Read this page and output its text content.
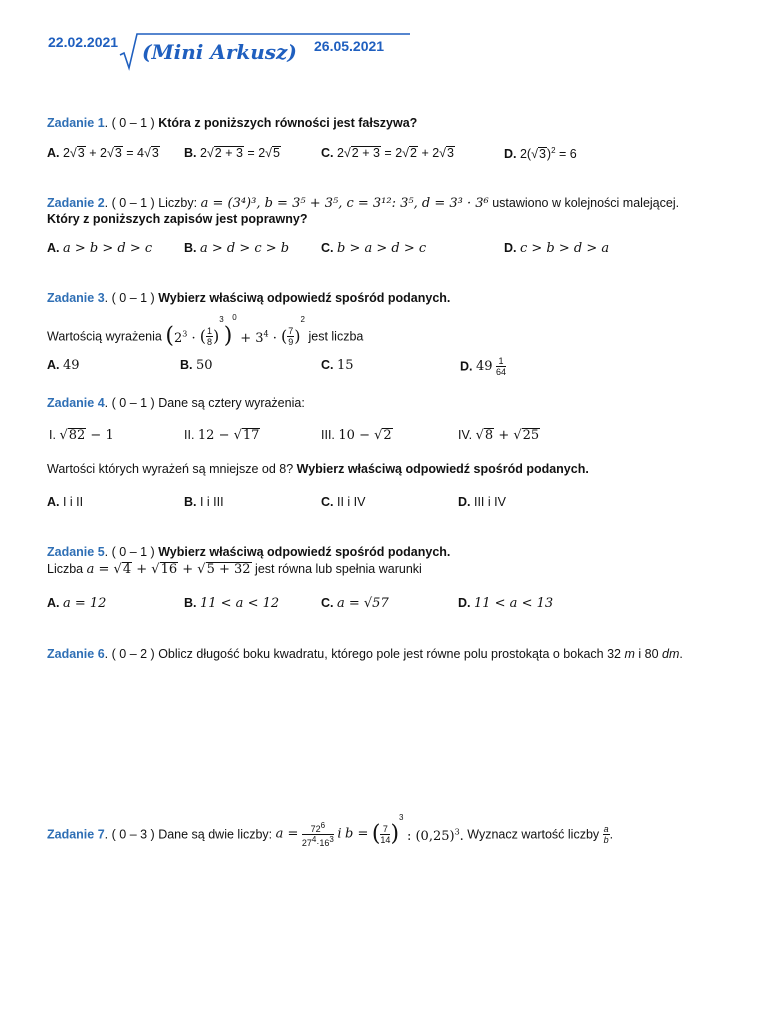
22.02.2021 (Mini Arkusz) 26.05.2021
Zadanie 1. ( 0 – 1 ) Która z poniższych równości jest fałszywa?
A. 2√3 + 2√3 = 4√3 B. 2√2 + 3 = 2√5	C. 2√2 + 3 = 2√2 + 2√3	D. $2(√3)^2 = 6$
Zadanie 2. ( 0 – 1 ) Liczby: a = (3⁴)³, b = 3⁵ + 3⁵, c = 3¹²: 3⁵, d = 3³ · 3⁶ ustawiono w kolejności malejącej.
Który z poniższych zapisów jest poprawny?
A. a > b > d > c	B. a > d > c > b	C. b > a > d > c	D. c > b > d > a
Zadanie 3. ( 0 – 1 ) Wybierz właściwą odpowiedź spośród podanych.
Wartością wyrażenia ($2^3$ · ( $\frac{1}{8} )^3)^0 + 3^4$ · ( $\frac{7}{9} )^2$ jest liczba
A. 49	B. 50	C. 15	D. $49 \frac{1}{64}$
Zadanie 4. ( 0 – 1 ) Dane są cztery wyrażenia:
I. √82 − 1	II. 12 − √17	III. 10 − √2	IV. √8 + √25
Wartości których wyrażeń są mniejsze od 8? Wybierz właściwą odpowiedź spośród podanych.
A. I i II	B. I i III	C. II i IV	D. III i IV
Zadanie 5. ( 0 – 1 ) Wybierz właściwą odpowiedź spośród podanych.
Liczba a = √4 + √16 + √5 + 32 jest równa lub spełnia warunki
A. a = 12	B. 11 < a < 12	C. a = √57	D. 11 < a < 13
Zadanie 6. ( 0 – 2 ) Oblicz długość boku kwadratu, którego pole jest równe polu prostokąta o bokach 32 m i 80 dm.
Zadanie 7. ( 0 – 3 ) Dane są dwie liczby: $a = \frac{72^6}{27^4\cdot 16^3}$ i b = ( $\frac{7}{14} )^3$ : $(0,25)^3$. Wyznacz wartość liczby $\frac{a}{b}$ .
